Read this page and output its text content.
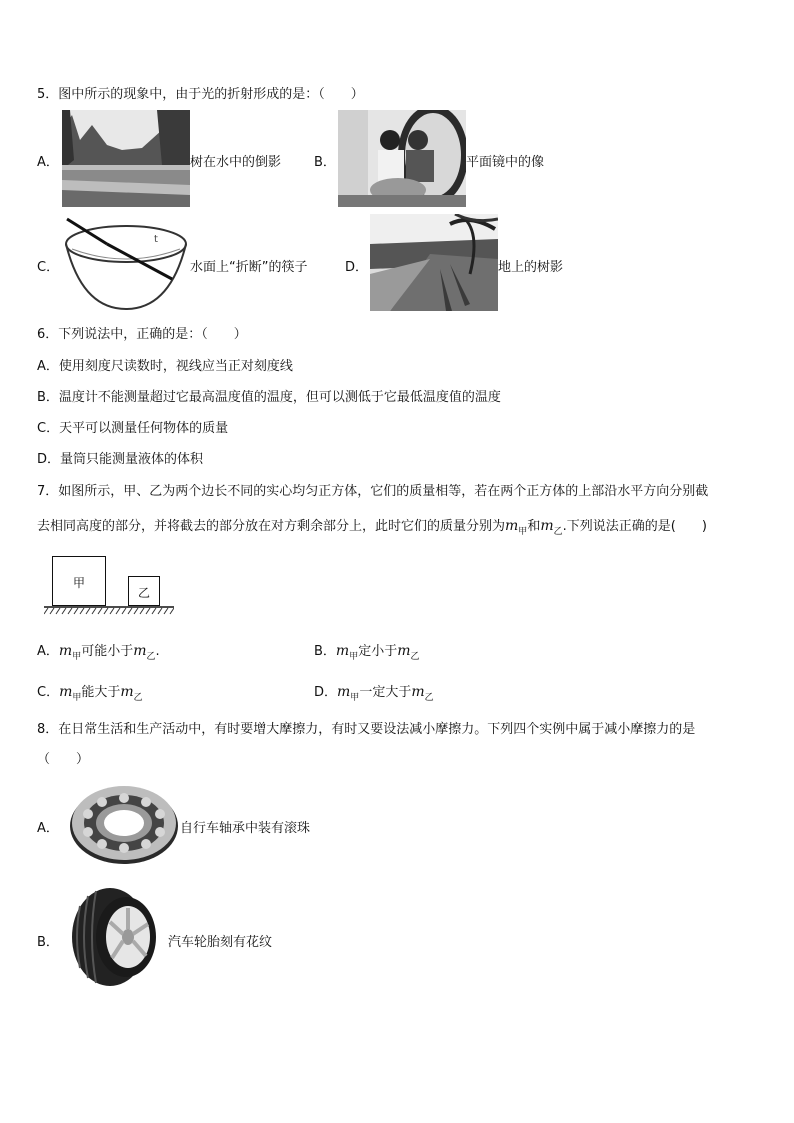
5．图中所示的现象中，由于光的折射形成的是：（　　）
A．	树在水中的倒影	B．	平面镜中的像
C．
t
水面上“折断”的筷子	D．	地上的树影
6．下列说法中，正确的是：（　　）
A．使用刻度尺读数时，视线应当正对刻度线
B．温度计不能测量超过它最高温度值的温度，但可以测低于它最低温度值的温度
C．天平可以测量任何物体的质量
D．量筒只能测量液体的体积
7．如图所示，甲、乙为两个边长不同的实心均匀正方体，它们的质量相等，若在两个正方体的上部沿水平方向分别截
去相同高度的部分，并将截去的部分放在对方剩余部分上，此时它们的质量分别为$m_甲$和$m_乙$.下列说法正确的是(　　)
甲
乙
A．$m_甲$可能小于$m_乙$.	B．$m_甲$定小于$m_乙$
C．$m_甲$能大于$m_乙$	D．$m_甲$一定大于$m_乙$
8．在日常生活和生产活动中，有时要增大摩擦力，有时又要设法减小摩擦力。下列四个实例中属于减小摩擦力的是
（　　）
A．	自行车轴承中装有滚珠
B．	汽车轮胎刻有花纹
